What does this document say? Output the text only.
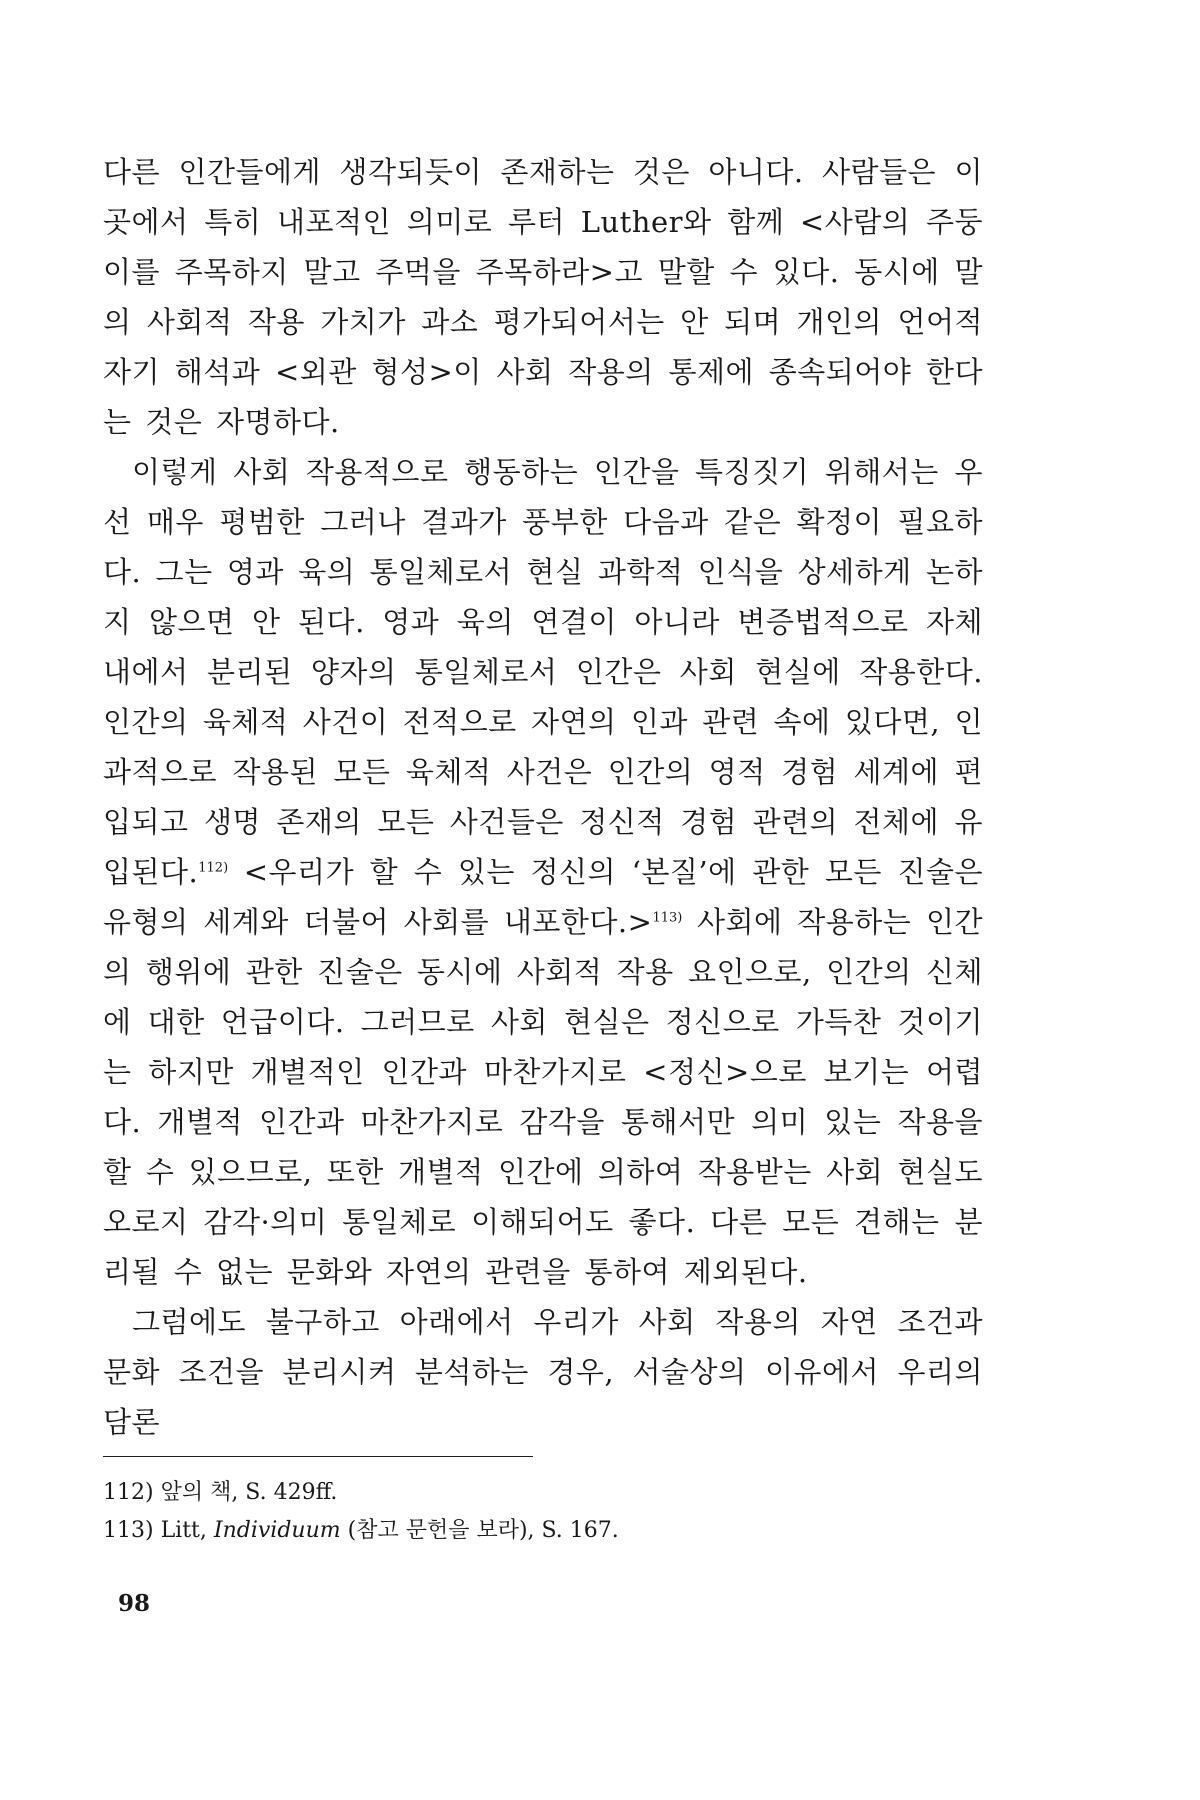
다른 인간들에게 생각되듯이 존재하는 것은 아니다. 사람들은 이 곳에서 특히 내포적인 의미로 루터 Luther와 함께 <사람의 주둥이를 주목하지 말고 주먹을 주목하라>고 말할 수 있다. 동시에 말의 사회적 작용 가치가 과소 평가되어서는 안 되며 개인의 언어적 자기 해석과 <외관 형성>이 사회 작용의 통제에 종속되어야 한다는 것은 자명하다.

이렇게 사회 작용적으로 행동하는 인간을 특징짓기 위해서는 우선 매우 평범한 그러나 결과가 풍부한 다음과 같은 확정이 필요하다. 그는 영과 육의 통일체로서 현실 과학적 인식을 상세하게 논하지 않으면 안 된다. 영과 육의 연결이 아니라 변증법적으로 자체 내에서 분리된 양자의 통일체로서 인간은 사회 현실에 작용한다. 인간의 육체적 사건이 전적으로 자연의 인과 관련 속에 있다면, 인과적으로 작용된 모든 육체적 사건은 인간의 영적 경험 세계에 편입되고 생명 존재의 모든 사건들은 정신적 경험 관련의 전체에 유입된다.$^{112)}$ <우리가 할 수 있는 정신의 ‘본질’에 관한 모든 진술은 유형의 세계와 더불어 사회를 내포한다.>$^{113)}$ 사회에 작용하는 인간의 행위에 관한 진술은 동시에 사회적 작용 요인으로, 인간의 신체에 대한 언급이다. 그러므로 사회 현실은 정신으로 가득찬 것이기는 하지만 개별적인 인간과 마찬가지로 <정신>으로 보기는 어렵다. 개별적 인간과 마찬가지로 감각을 통해서만 의미 있는 작용을 할 수 있으므로, 또한 개별적 인간에 의하여 작용받는 사회 현실도 오로지 감각·의미 통일체로 이해되어도 좋다. 다른 모든 견해는 분리될 수 없는 문화와 자연의 관련을 통하여 제외된다.

그럼에도 불구하고 아래에서 우리가 사회 작용의 자연 조건과 문화 조건을 분리시켜 분석하는 경우, 서술상의 이유에서 우리의 담론

112) 앞의 책, S. 429ff.
113) Litt, Individuum (참고 문헌을 보라), S. 167.
98
